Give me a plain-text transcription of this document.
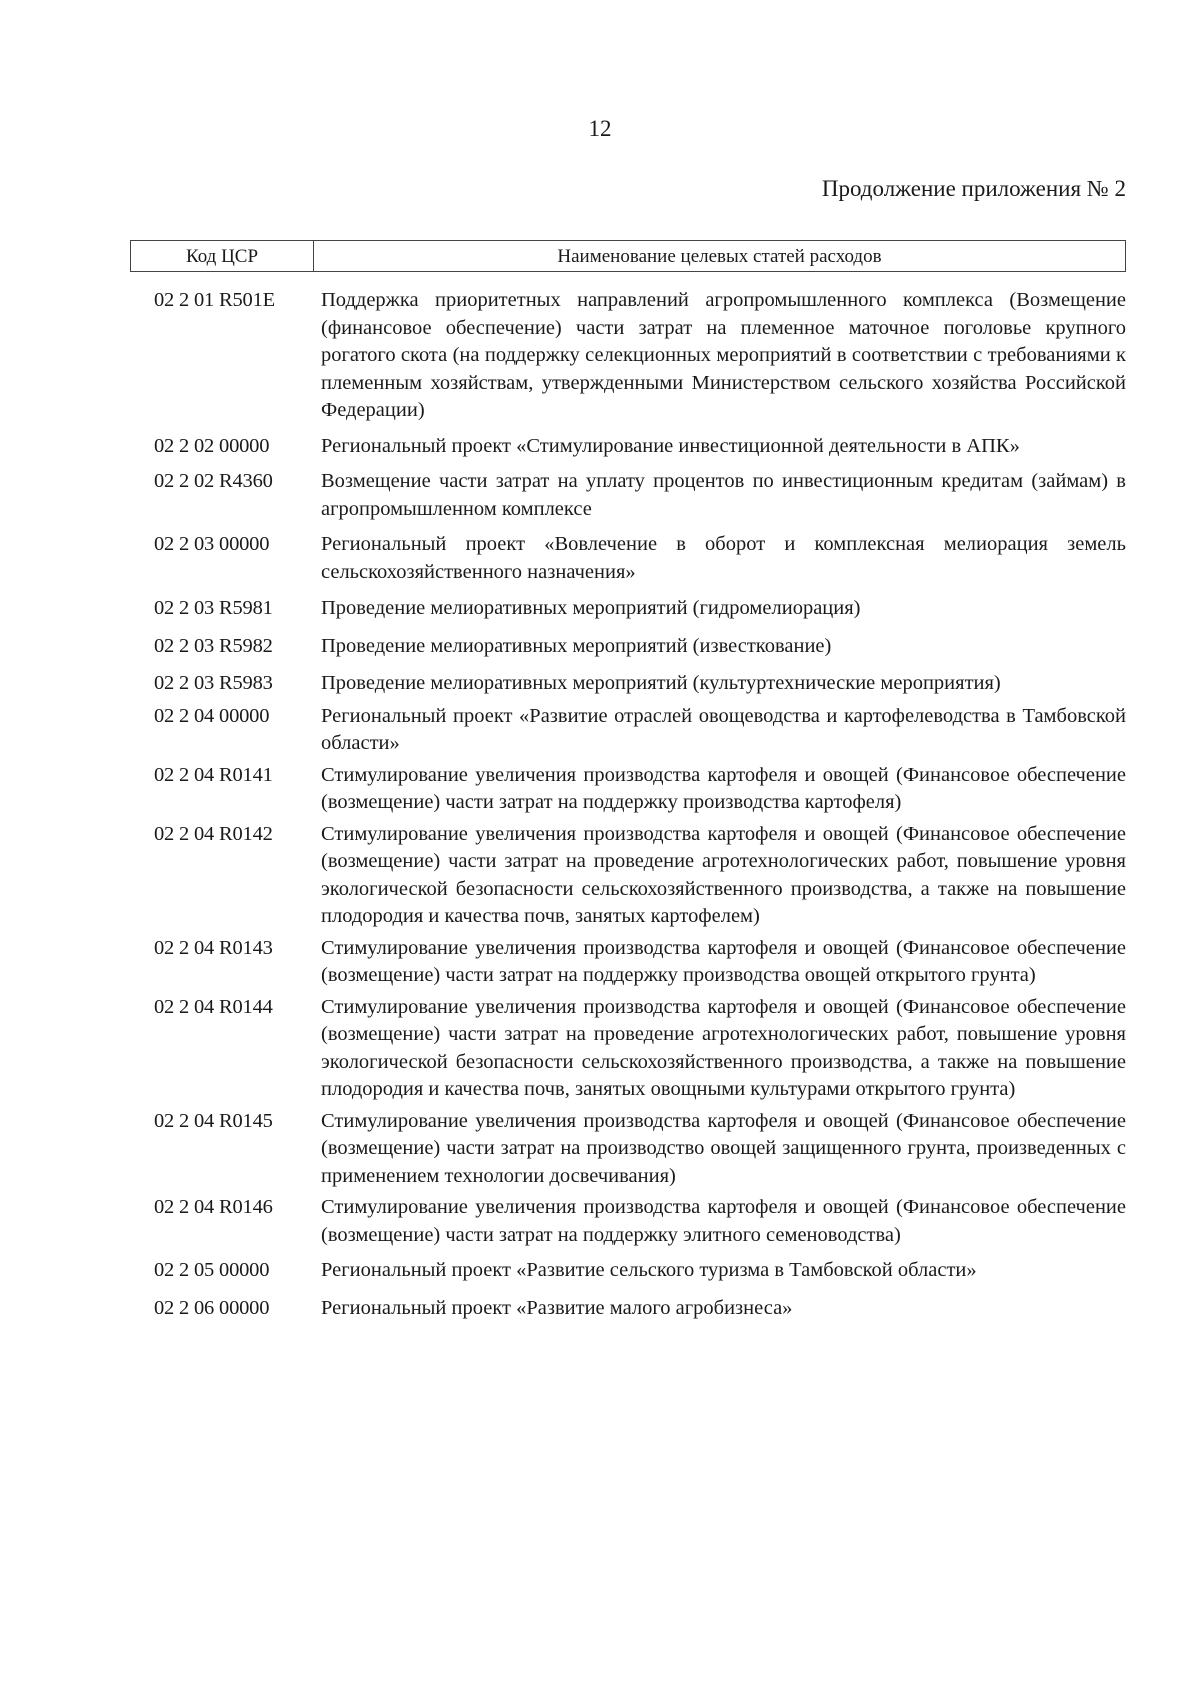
12
Продолжение приложения № 2
Код ЦСР	Наименование целевых статей расходов
02 2 01 R501E	Поддержка приоритетных направлений агропромышленного комплекса (Возмещение (финансовое обеспечение) части затрат на племенное маточное поголовье крупного рогатого скота (на поддержку селекционных мероприятий в соответствии с требованиями к племенным хозяйствам, утвержденными Министерством сельского хозяйства Российской Федерации)
02 2 02 00000	Региональный проект «Стимулирование инвестиционной деятельности в АПК»
02 2 02 R4360	Возмещение части затрат на уплату процентов по инвестиционным кредитам (займам) в агропромышленном комплексе
02 2 03 00000	Региональный проект «Вовлечение в оборот и комплексная мелиорация земель сельскохозяйственного назначения»
02 2 03 R5981	Проведение мелиоративных мероприятий (гидромелиорация)
02 2 03 R5982	Проведение мелиоративных мероприятий (известкование)
02 2 03 R5983	Проведение мелиоративных мероприятий (культуртехнические мероприятия)
02 2 04 00000	Региональный проект «Развитие отраслей овощеводства и картофелеводства в Тамбовской области»
02 2 04 R0141	Стимулирование увеличения производства картофеля и овощей (Финансовое обеспечение (возмещение) части затрат на поддержку производства картофеля)
02 2 04 R0142	Стимулирование увеличения производства картофеля и овощей (Финансовое обеспечение (возмещение) части затрат на проведение агротехнологических работ, повышение уровня экологической безопасности сельскохозяйственного производства, а также на повышение плодородия и качества почв, занятых картофелем)
02 2 04 R0143	Стимулирование увеличения производства картофеля и овощей (Финансовое обеспечение (возмещение) части затрат на поддержку производства овощей открытого грунта)
02 2 04 R0144	Стимулирование увеличения производства картофеля и овощей (Финансовое обеспечение (возмещение) части затрат на проведение агротехнологических работ, повышение уровня экологической безопасности сельскохозяйственного производства, а также на повышение плодородия и качества почв, занятых овощными культурами открытого грунта)
02 2 04 R0145	Стимулирование увеличения производства картофеля и овощей (Финансовое обеспечение (возмещение) части затрат на производство овощей защищенного грунта, произведенных с применением технологии досвечивания)
02 2 04 R0146	Стимулирование увеличения производства картофеля и овощей (Финансовое обеспечение (возмещение) части затрат на поддержку элитного семеноводства)
02 2 05 00000	Региональный проект «Развитие сельского туризма в Тамбовской области»
02 2 06 00000	Региональный проект «Развитие малого агробизнеса»
